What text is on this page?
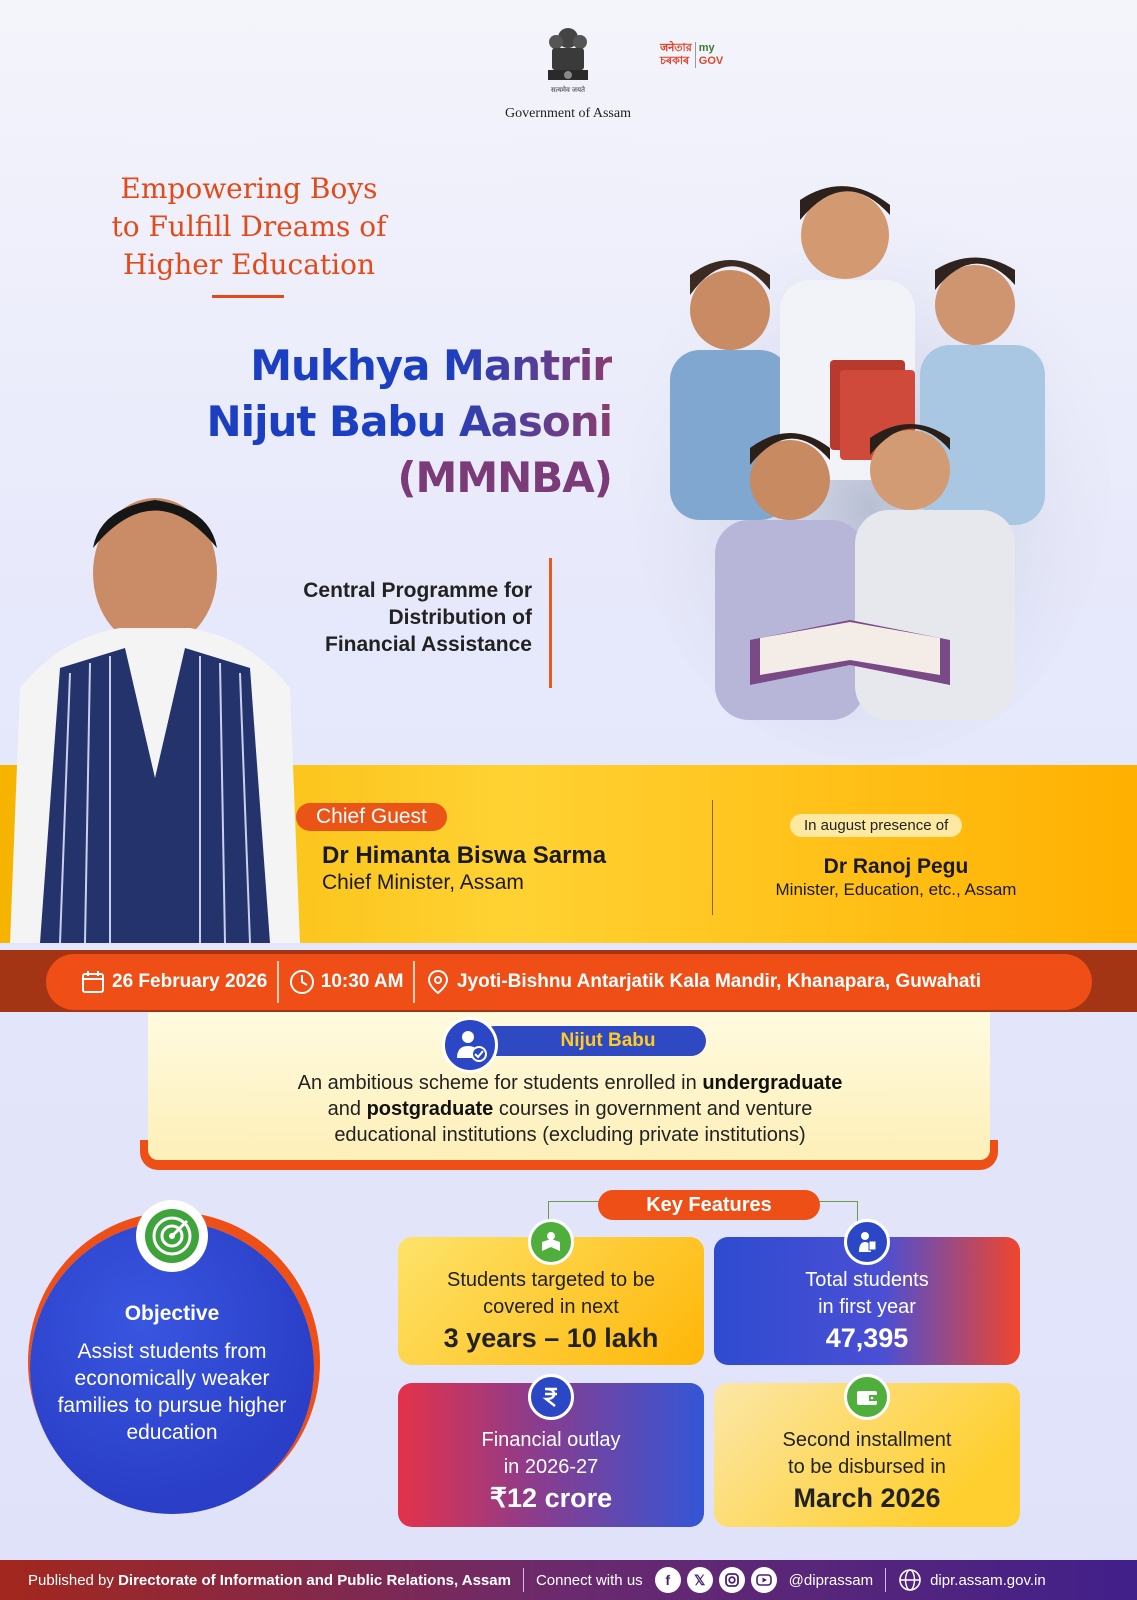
सत्यमेव जयते
Government of Assam
जनेতার
চৰকাৰ
my
GOV
Empowering Boys
to Fulfill Dreams of
Higher Education
Mukhya Mantrir
Nijut Babu Aasoni
(MMNBA)
Central Programme for
Distribution of
Financial Assistance
Chief Guest
Dr Himanta Biswa Sarma
Chief Minister, Assam
In august presence of
Dr Ranoj Pegu
Minister, Education, etc., Assam
26 February 2026	10:30 AM	Jyoti-Bishnu Antarjatik Kala Mandir, Khanapara, Guwahati
Nijut Babu
An ambitious scheme for students enrolled in undergraduate
and postgraduate courses in government and venture
educational institutions (excluding private institutions)
Objective
Assist students from economically weaker families to pursue higher education
Key Features
Students targeted to be
covered in next
3 years – 10 lakh
Total students
in first year
47,395
Financial outlay
in 2026-27
₹12 crore
Second installment
to be disbursed in
March 2026
Published by Directorate of Information and Public Relations, Assam Connect with us	f	𝕏	@diprassam	dipr.assam.gov.in
